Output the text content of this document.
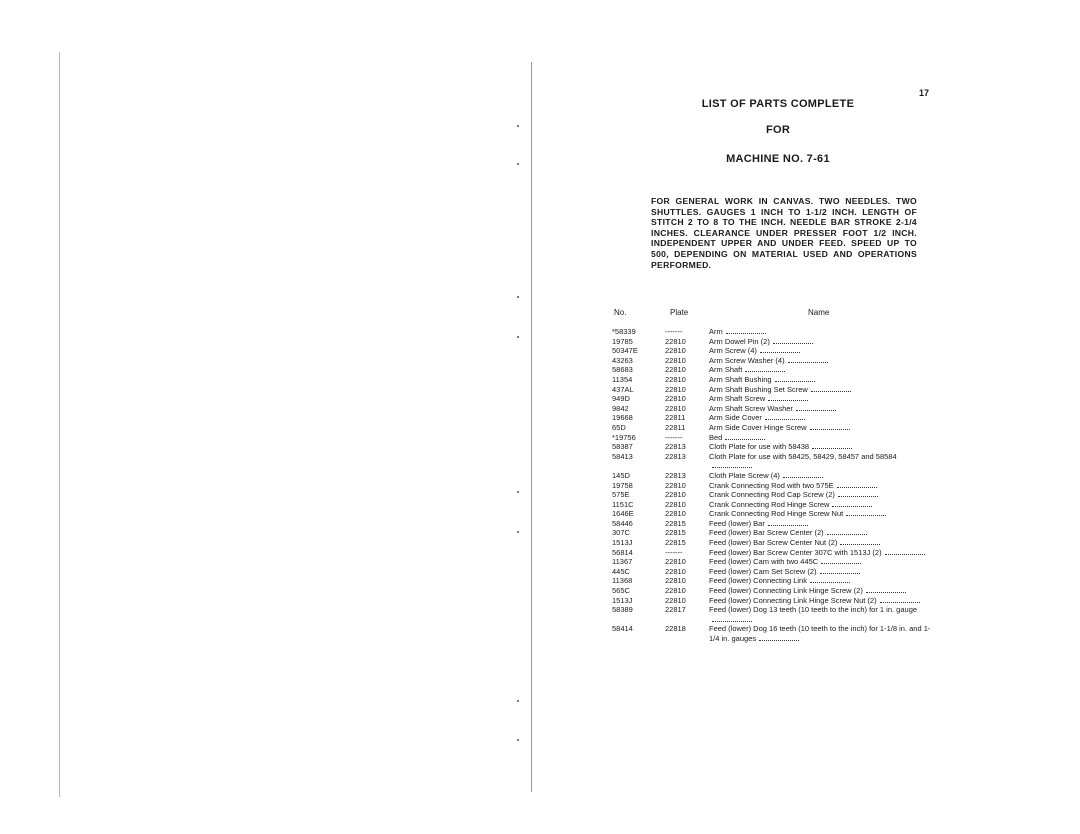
17
LIST OF PARTS COMPLETE
FOR
MACHINE NO. 7-61

FOR GENERAL WORK IN CANVAS. TWO NEEDLES. TWO SHUTTLES. GAUGES 1 INCH TO 1-1/2 INCH. LENGTH OF STITCH 2 TO 8 TO THE INCH. NEEDLE BAR STROKE 2-1/4 INCHES. CLEARANCE UNDER PRESSER FOOT 1/2 INCH. INDEPENDENT UPPER AND UNDER FEED. SPEED UP TO 500, DEPENDING ON MATERIAL USED AND OPERATIONS PERFORMED.

No.	Plate	Name
*58339	-------	Arm
19785	22810	Arm Dowel Pin (2)
50347E	22810	Arm Screw (4)
43263	22810	Arm Screw Washer (4)
58683	22810	Arm Shaft
11354	22810	Arm Shaft Bushing
437AL	22810	Arm Shaft Bushing Set Screw
949D	22810	Arm Shaft Screw
9842	22810	Arm Shaft Screw Washer
19668	22811	Arm Side Cover
65D	22811	Arm Side Cover Hinge Screw
*19756	-------	Bed
58387	22813	Cloth Plate for use with 58438
58413	22813	Cloth Plate for use with 58425, 58429, 58457 and 58584
145D	22813	Cloth Plate Screw (4)
19758	22810	Crank Connecting Rod with two 575E
575E	22810	Crank Connecting Rod Cap Screw (2)
1151C	22810	Crank Connecting Rod Hinge Screw
1646E	22810	Crank Connecting Rod Hinge Screw Nut
58446	22815	Feed (lower) Bar
307C	22815	Feed (lower) Bar Screw Center (2)
1513J	22815	Feed (lower) Bar Screw Center Nut (2)
56814	-------	Feed (lower) Bar Screw Center 307C with 1513J (2)
11367	22810	Feed (lower) Cam with two 445C
445C	22810	Feed (lower) Cam Set Screw (2)
11368	22810	Feed (lower) Connecting Link
565C	22810	Feed (lower) Connecting Link Hinge Screw (2)
1513J	22810	Feed (lower) Connecting Link Hinge Screw Nut (2)
58389	22817	Feed (lower) Dog 13 teeth (10 teeth to the inch) for 1 in. gauge
58414	22818	Feed (lower) Dog 16 teeth (10 teeth to the inch) for 1-1/8 in. and 1-1/4 in. gauges
